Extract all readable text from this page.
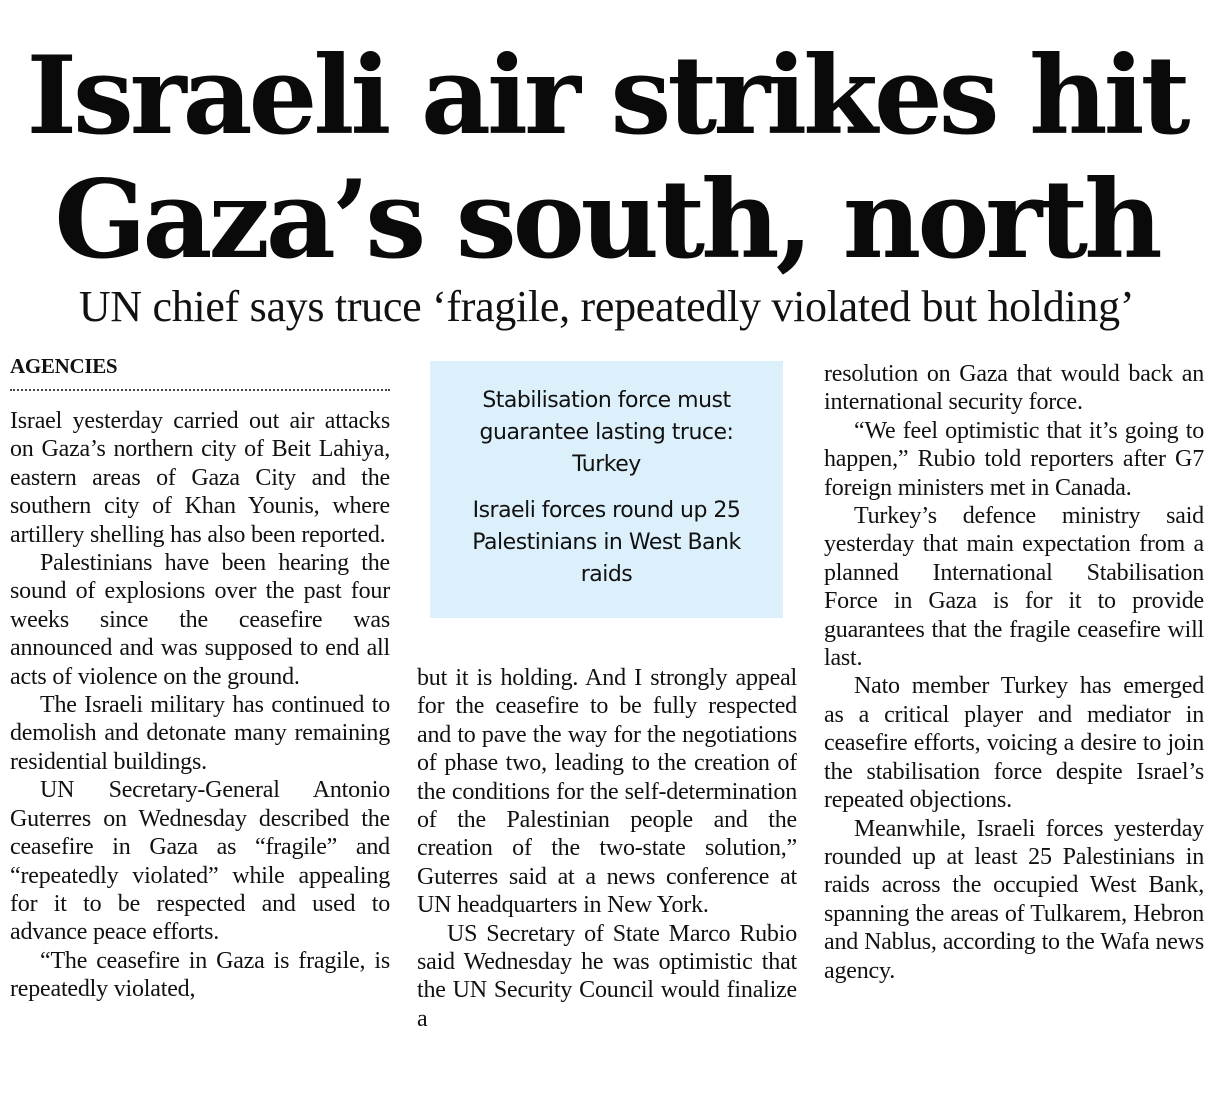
Israeli air strikes hit
Gaza’s south, north
UN chief says truce ‘fragile, repeatedly violated but holding’
AGENCIES

Israel yesterday carried out air attacks on Gaza’s northern city of Beit Lahiya, eastern areas of Gaza City and the southern city of Khan Younis, where artillery shelling has also been reported.

Palestinians have been hearing the sound of explosions over the past four weeks since the ceasefire was announced and was supposed to end all acts of violence on the ground.

The Israeli military has continued to demolish and detonate many remaining residential buildings.

UN Secretary-General Antonio Guterres on Wednesday described the ceasefire in Gaza as “fragile” and “repeatedly violated” while appealing for it to be respected and used to advance peace efforts.

“The ceasefire in Gaza is fragile, is repeatedly violated,

Stabilisation force must guarantee lasting truce: Turkey
Israeli forces round up 25 Palestinians in West Bank raids

but it is holding. And I strongly appeal for the ceasefire to be fully respected and to pave the way for the negotiations of phase two, leading to the creation of the conditions for the self-determination of the Palestinian people and the creation of the two-state solution,” Guterres said at a news conference at UN headquarters in New York.

US Secretary of State Marco Rubio said Wednesday he was optimistic that the UN Security Council would finalize a

resolution on Gaza that would back an international security force.

“We feel optimistic that it’s going to happen,” Rubio told reporters after G7 foreign ministers met in Canada.

Turkey’s defence ministry said yesterday that main expectation from a planned International Stabilisation Force in Gaza is for it to provide guarantees that the fragile ceasefire will last.

Nato member Turkey has emerged as a critical player and mediator in ceasefire efforts, voicing a desire to join the stabilisation force despite Israel’s repeated objections.

Meanwhile, Israeli forces yesterday rounded up at least 25 Palestinians in raids across the occupied West Bank, spanning the areas of Tulkarem, Hebron and Nablus, according to the Wafa news agency.
